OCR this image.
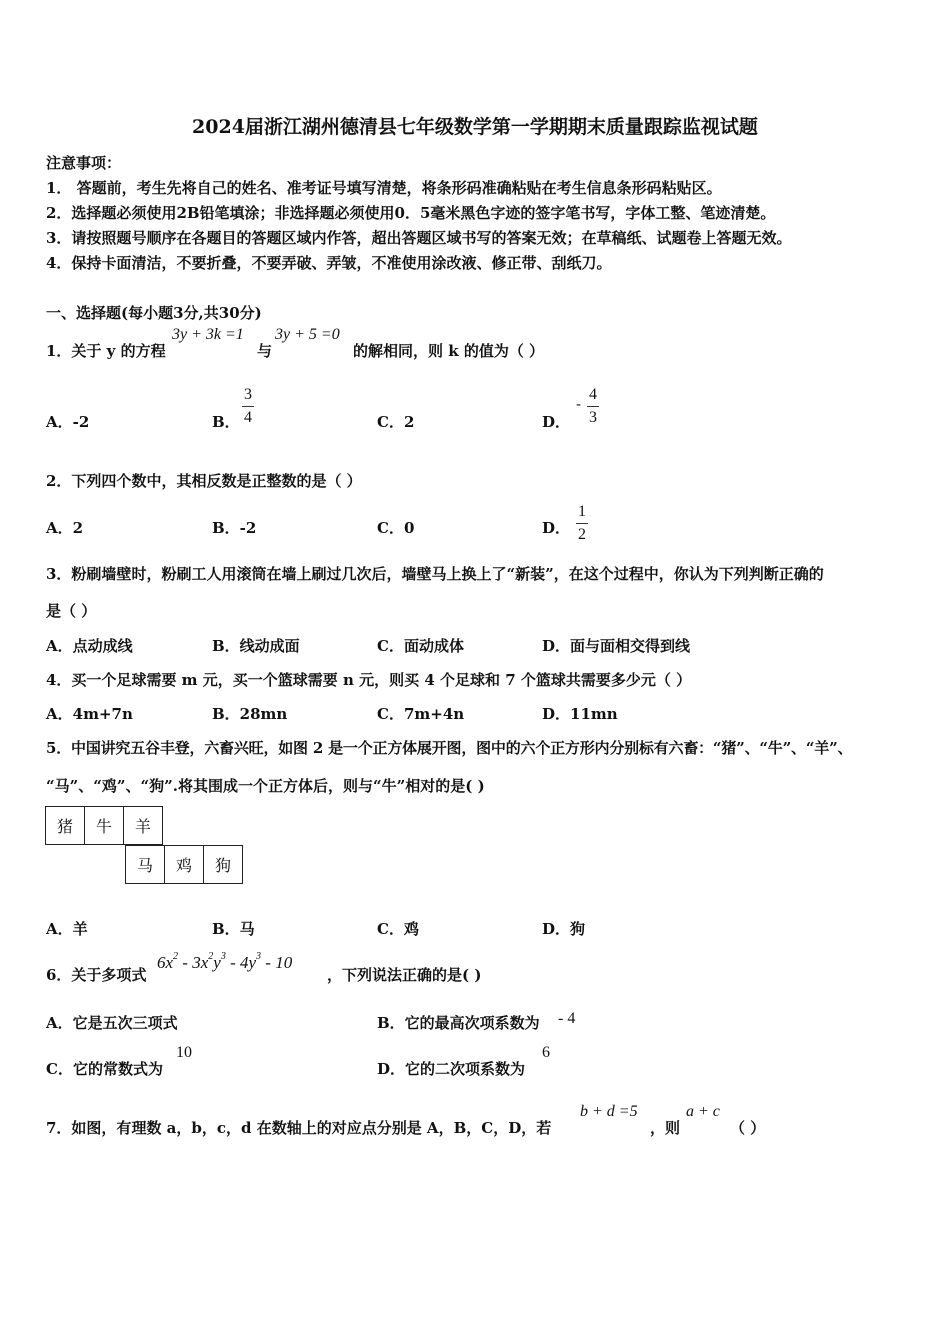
2024届浙江湖州德清县七年级数学第一学期期末质量跟踪监视试题
注意事项：
1． 答题前，考生先将自己的姓名、准考证号填写清楚，将条形码准确粘贴在考生信息条形码粘贴区。
2．选择题必须使用2B铅笔填涂；非选择题必须使用0．5毫米黑色字迹的签字笔书写，字体工整、笔迹清楚。
3．请按照题号顺序在各题目的答题区域内作答，超出答题区域书写的答案无效；在草稿纸、试题卷上答题无效。
4．保持卡面清洁，不要折叠，不要弄破、弄皱，不准使用涂改液、修正带、刮纸刀。
一、选择题(每小题3分,共30分)
1．关于 y 的方程
3y + 3k =1
与
3y + 5 =0
的解相同，则 k 的值为（ ）
A．-2	B．
3
4	C．2	D．
-
4
3
2．下列四个数中，其相反数是正整数的是（ ）
A．2	B．-2	C．0	D．
1
2
3．粉刷墙壁时，粉刷工人用滚筒在墙上刷过几次后，墙壁马上换上了“新装”，在这个过程中，你认为下列判断正确的
是（ ）
A．点动成线	B．线动成面	C．面动成体	D．面与面相交得到线
4．买一个足球需要 m 元，买一个篮球需要 n 元，则买 4 个足球和 7 个篮球共需要多少元（ ）
A．4m+7n	B．28mn	C．7m+4n	D．11mn
5．中国讲究五谷丰登，六畜兴旺，如图 2 是一个正方体展开图，图中的六个正方形内分别标有六畜：“猪”、“牛”、“羊”、
“马”、“鸡”、“狗”.将其围成一个正方体后，则与“牛”相对的是( )
猪	牛	羊
马	鸡	狗
A．羊	B．马	C．鸡	D．狗
6．关于多项式
$6x^2 - 3x^2y^3 - 4y^3 - 10$
，下列说法正确的是( )
A．它是五次三项式	B．它的最高次项系数为 - 4
C．它的常数式为
10
D．它的二次项系数为
6
7．如图，有理数 a，b，c，d 在数轴上的对应点分别是 A，B，C，D，若
b + d =5
，则
a + c
（ ）
